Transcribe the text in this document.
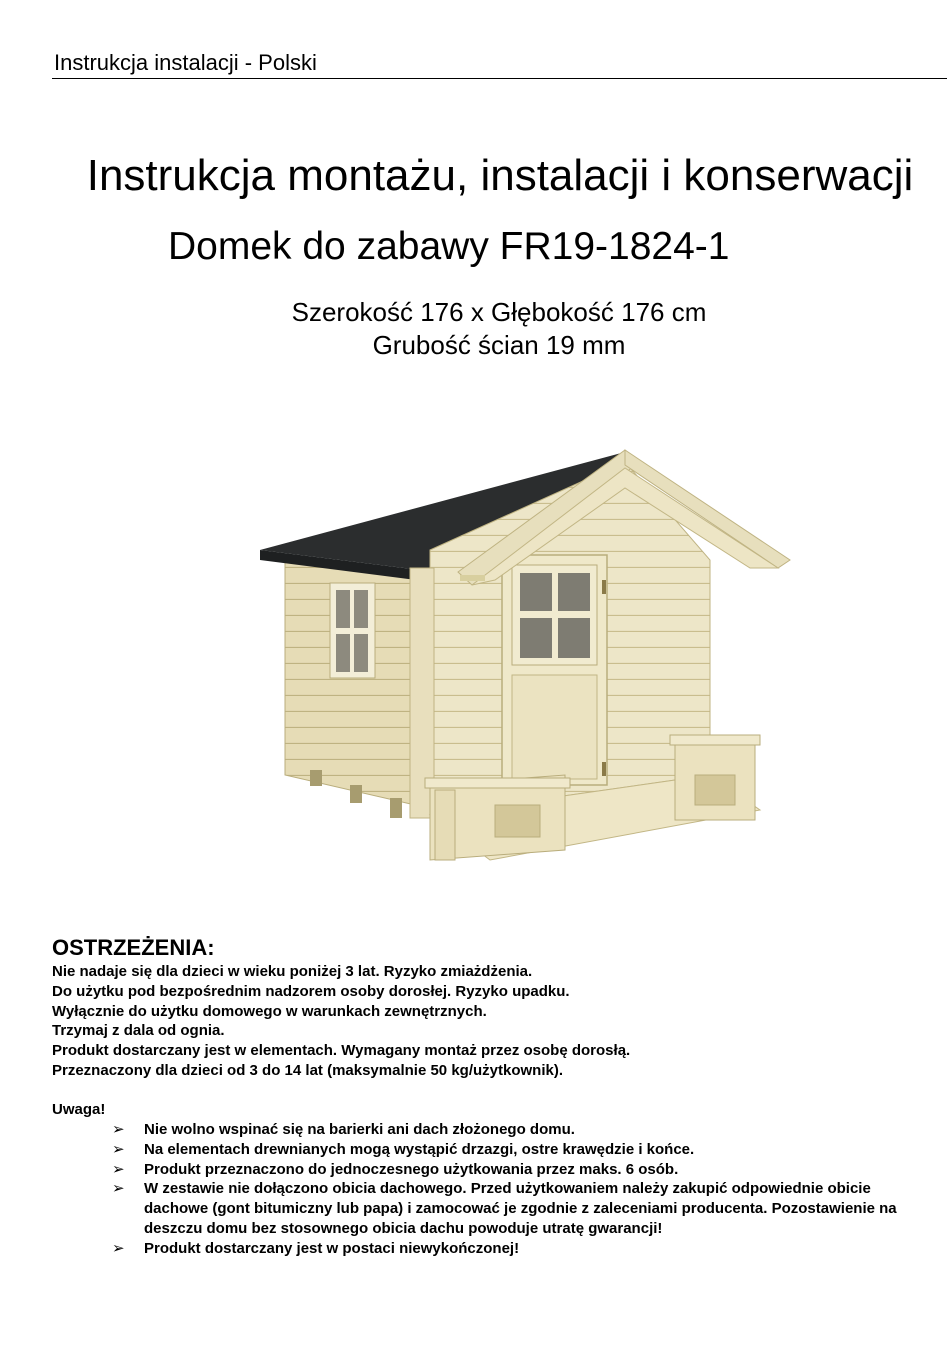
Instrukcja instalacji - Polski
Instrukcja montażu, instalacji i konserwacji
Domek do zabawy FR19-1824-1
Szerokość 176 x Głębokość 176 cm
Grubość ścian 19 mm
OSTRZEŻENIA:
Nie nadaje się dla dzieci w wieku poniżej 3 lat. Ryzyko zmiażdżenia.
Do użytku pod bezpośrednim nadzorem osoby dorosłej. Ryzyko upadku.
Wyłącznie do użytku domowego w warunkach zewnętrznych.
Trzymaj z dala od ognia.
Produkt dostarczany jest w elementach. Wymagany montaż przez osobę dorosłą.
Przeznaczony dla dzieci od 3 do 14 lat (maksymalnie 50 kg/użytkownik).
Uwaga!
➢ Nie wolno wspinać się na barierki ani dach złożonego domu.
➢ Na elementach drewnianych mogą wystąpić drzazgi, ostre krawędzie i końce.
➢ Produkt przeznaczono do jednoczesnego użytkowania przez maks. 6 osób.
➢ W zestawie nie dołączono obicia dachowego. Przed użytkowaniem należy zakupić odpowiednie obicie dachowe (gont bitumiczny lub papa) i zamocować je zgodnie z zaleceniami producenta. Pozostawienie na deszczu domu bez stosownego obicia dachu powoduje utratę gwarancji!
➢ Produkt dostarczany jest w postaci niewykończonej!
